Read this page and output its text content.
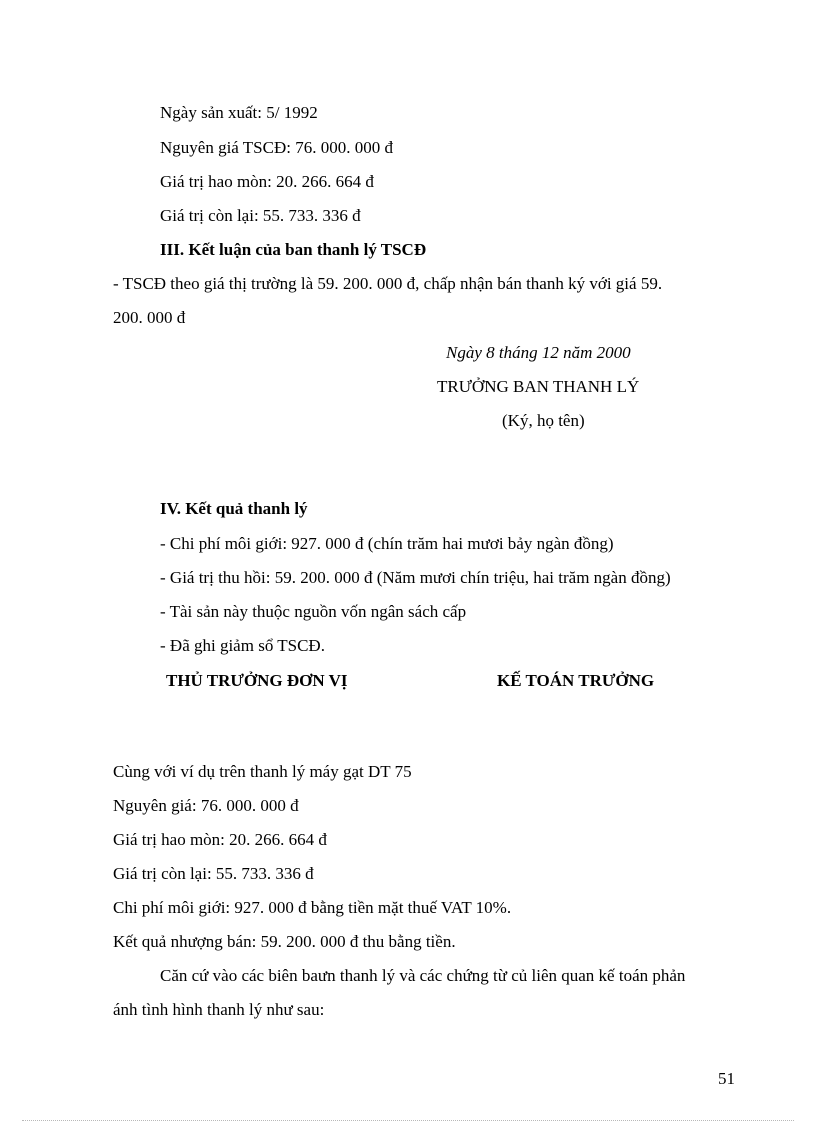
Ngày sản xuất: 5/ 1992
Nguyên giá TSCĐ: 76. 000. 000 đ
Giá trị hao mòn: 20. 266. 664 đ
Giá trị còn lại: 55. 733. 336 đ
III. Kết luận của ban thanh lý TSCĐ
- TSCĐ theo giá thị trường là 59. 200. 000 đ, chấp nhận bán thanh ký với giá 59.
200. 000 đ
Ngày 8 tháng 12 năm 2000
TRƯỞNG BAN THANH LÝ
(Ký, họ tên)
IV. Kết quả thanh lý
- Chi phí môi giới: 927. 000 đ (chín trăm hai mươi bảy ngàn đồng)
- Giá trị thu hồi: 59. 200. 000 đ (Năm mươi chín triệu, hai trăm ngàn đồng)
- Tài sản này thuộc nguồn vốn ngân sách cấp
- Đã ghi giảm sổ TSCĐ.
THỦ TRƯỞNG ĐƠN VỊ	KẾ TOÁN TRƯỞNG
Cùng với ví dụ trên thanh lý máy gạt DT 75
Nguyên giá: 76. 000. 000 đ
Giá trị hao mòn: 20. 266. 664 đ
Giá trị còn lại: 55. 733. 336 đ
Chi phí môi giới: 927. 000 đ bằng tiền mặt thuế VAT 10%.
Kết quả nhượng bán: 59. 200. 000 đ thu bằng tiền.
Căn cứ vào các biên baưn thanh lý và các chứng từ củ liên quan kế toán phản
ánh tình hình thanh lý như sau:
51
